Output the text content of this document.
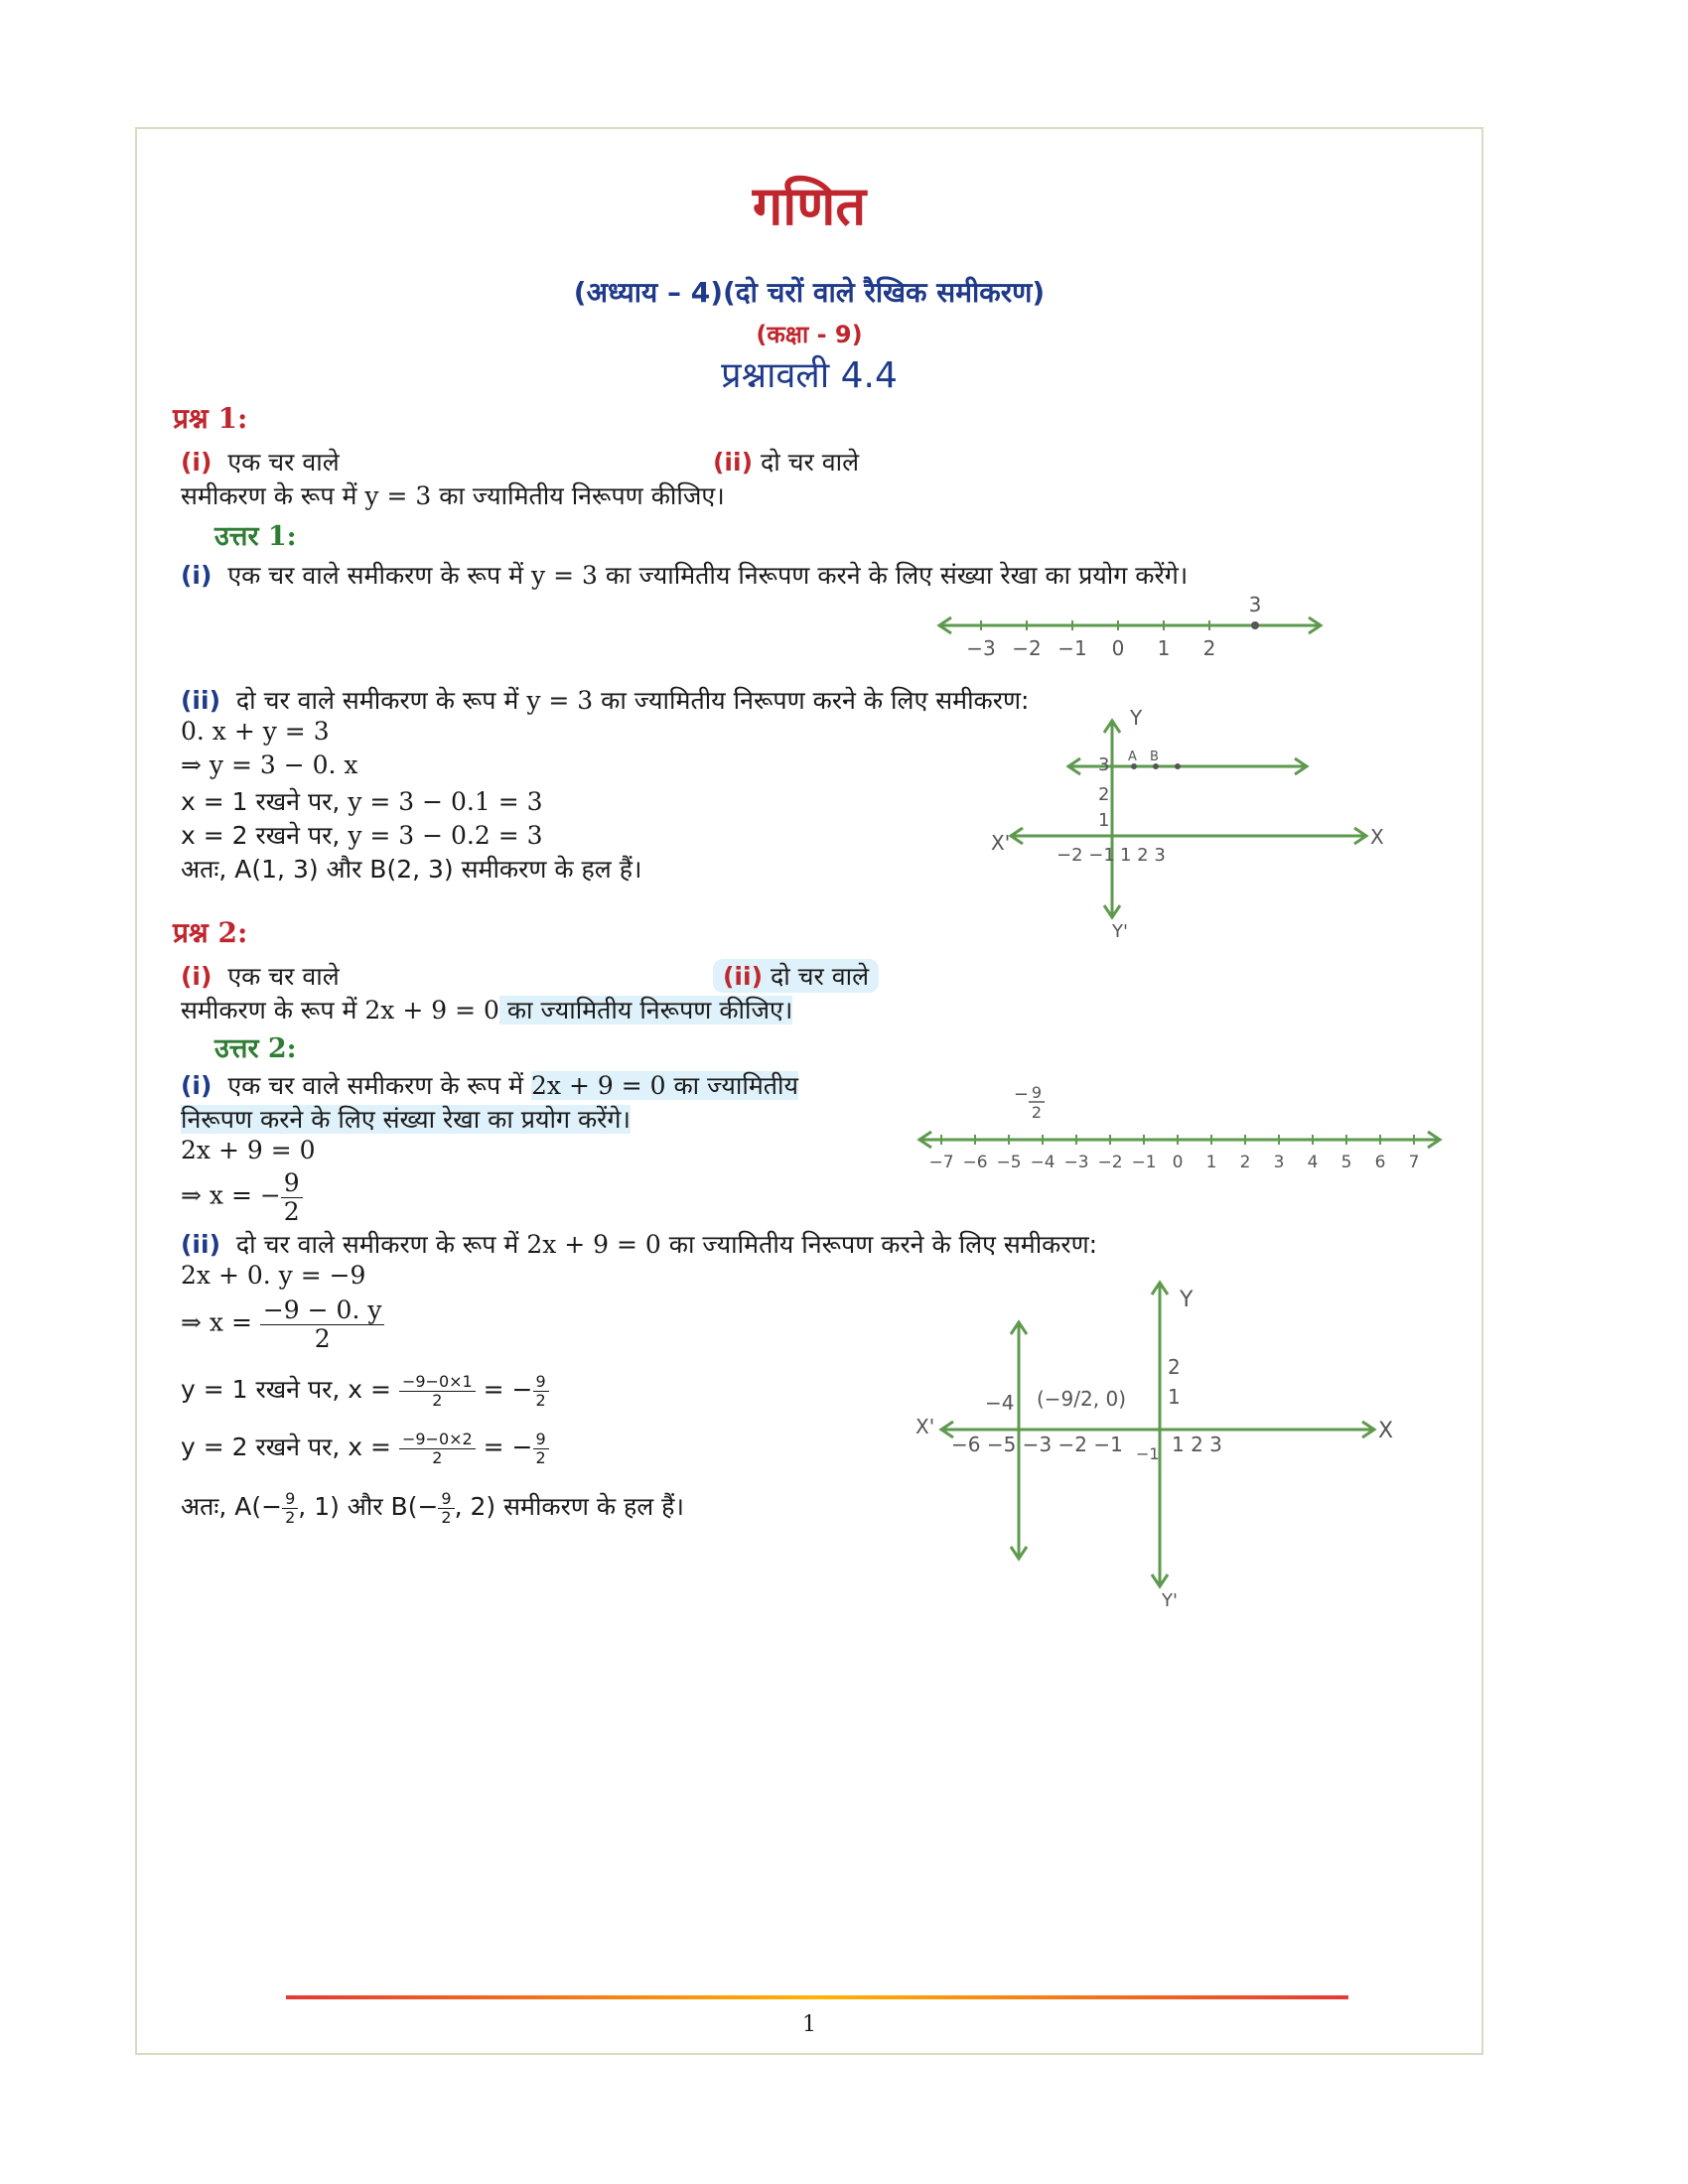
गणित
(अध्याय – 4)(दो चरों वाले रैखिक समीकरण)
(कक्षा - 9)
प्रश्नावली 4.4
प्रश्न 1:
(i) एक चर वाले	(ii) दो चर वाले
समीकरण के रूप में y = 3 का ज्यामितीय निरूपण कीजिए।
उत्तर 1:
(i) एक चर वाले समीकरण के रूप में y = 3 का ज्यामितीय निरूपण करने के लिए संख्या रेखा का प्रयोग करेंगे।
−3 −2 −1 0 1 2
3
(ii) दो चर वाले समीकरण के रूप में y = 3 का ज्यामितीय निरूपण करने के लिए समीकरण:
0. x + y = 3
⇒ y = 3 − 0. x
x = 1 रखने पर, y = 3 − 0.1 = 3
x = 2 रखने पर, y = 3 − 0.2 = 3
अतः, A(1, 3) और B(2, 3) समीकरण के हल हैं।
Y
Y'
X
X'
3
2
1
−2 −1 1 2 3
A B
प्रश्न 2:
(i) एक चर वाले	(ii) दो चर वाले
समीकरण के रूप में 2x + 9 = 0 का ज्यामितीय निरूपण कीजिए।
उत्तर 2:
(i) एक चर वाले समीकरण के रूप में 2x + 9 = 0 का ज्यामितीय
निरूपण करने के लिए संख्या रेखा का प्रयोग करेंगे।
2x + 9 = 0
⇒ x = − $\frac{9}{2}$
− 9
2
−7 −6 −5 −4 −3 −2 −1 0 1 2 3 4 5 6 7
(ii) दो चर वाले समीकरण के रूप में 2x + 9 = 0 का ज्यामितीय निरूपण करने के लिए समीकरण:
2x + 0. y = −9
⇒ $x = \frac{-9 - 0. y}{2}$
y = 1 रखने पर, $x = \frac{-9-0\times 1}{2}$ = − $\frac{9}{2}$
y = 2 रखने पर, $x = \frac{-9-0\times 2}{2}$ = − $\frac{9}{2}$
अतः, $A(- \frac{9}{2}$ , 1) और $B(- \frac{9}{2}$ , 2) समीकरण के हल हैं।
Y
Y'
X
X'
−6 −5 −3 −2 −1 1 2 3
2
1
−1
−4 (−9/2, 0)
1
